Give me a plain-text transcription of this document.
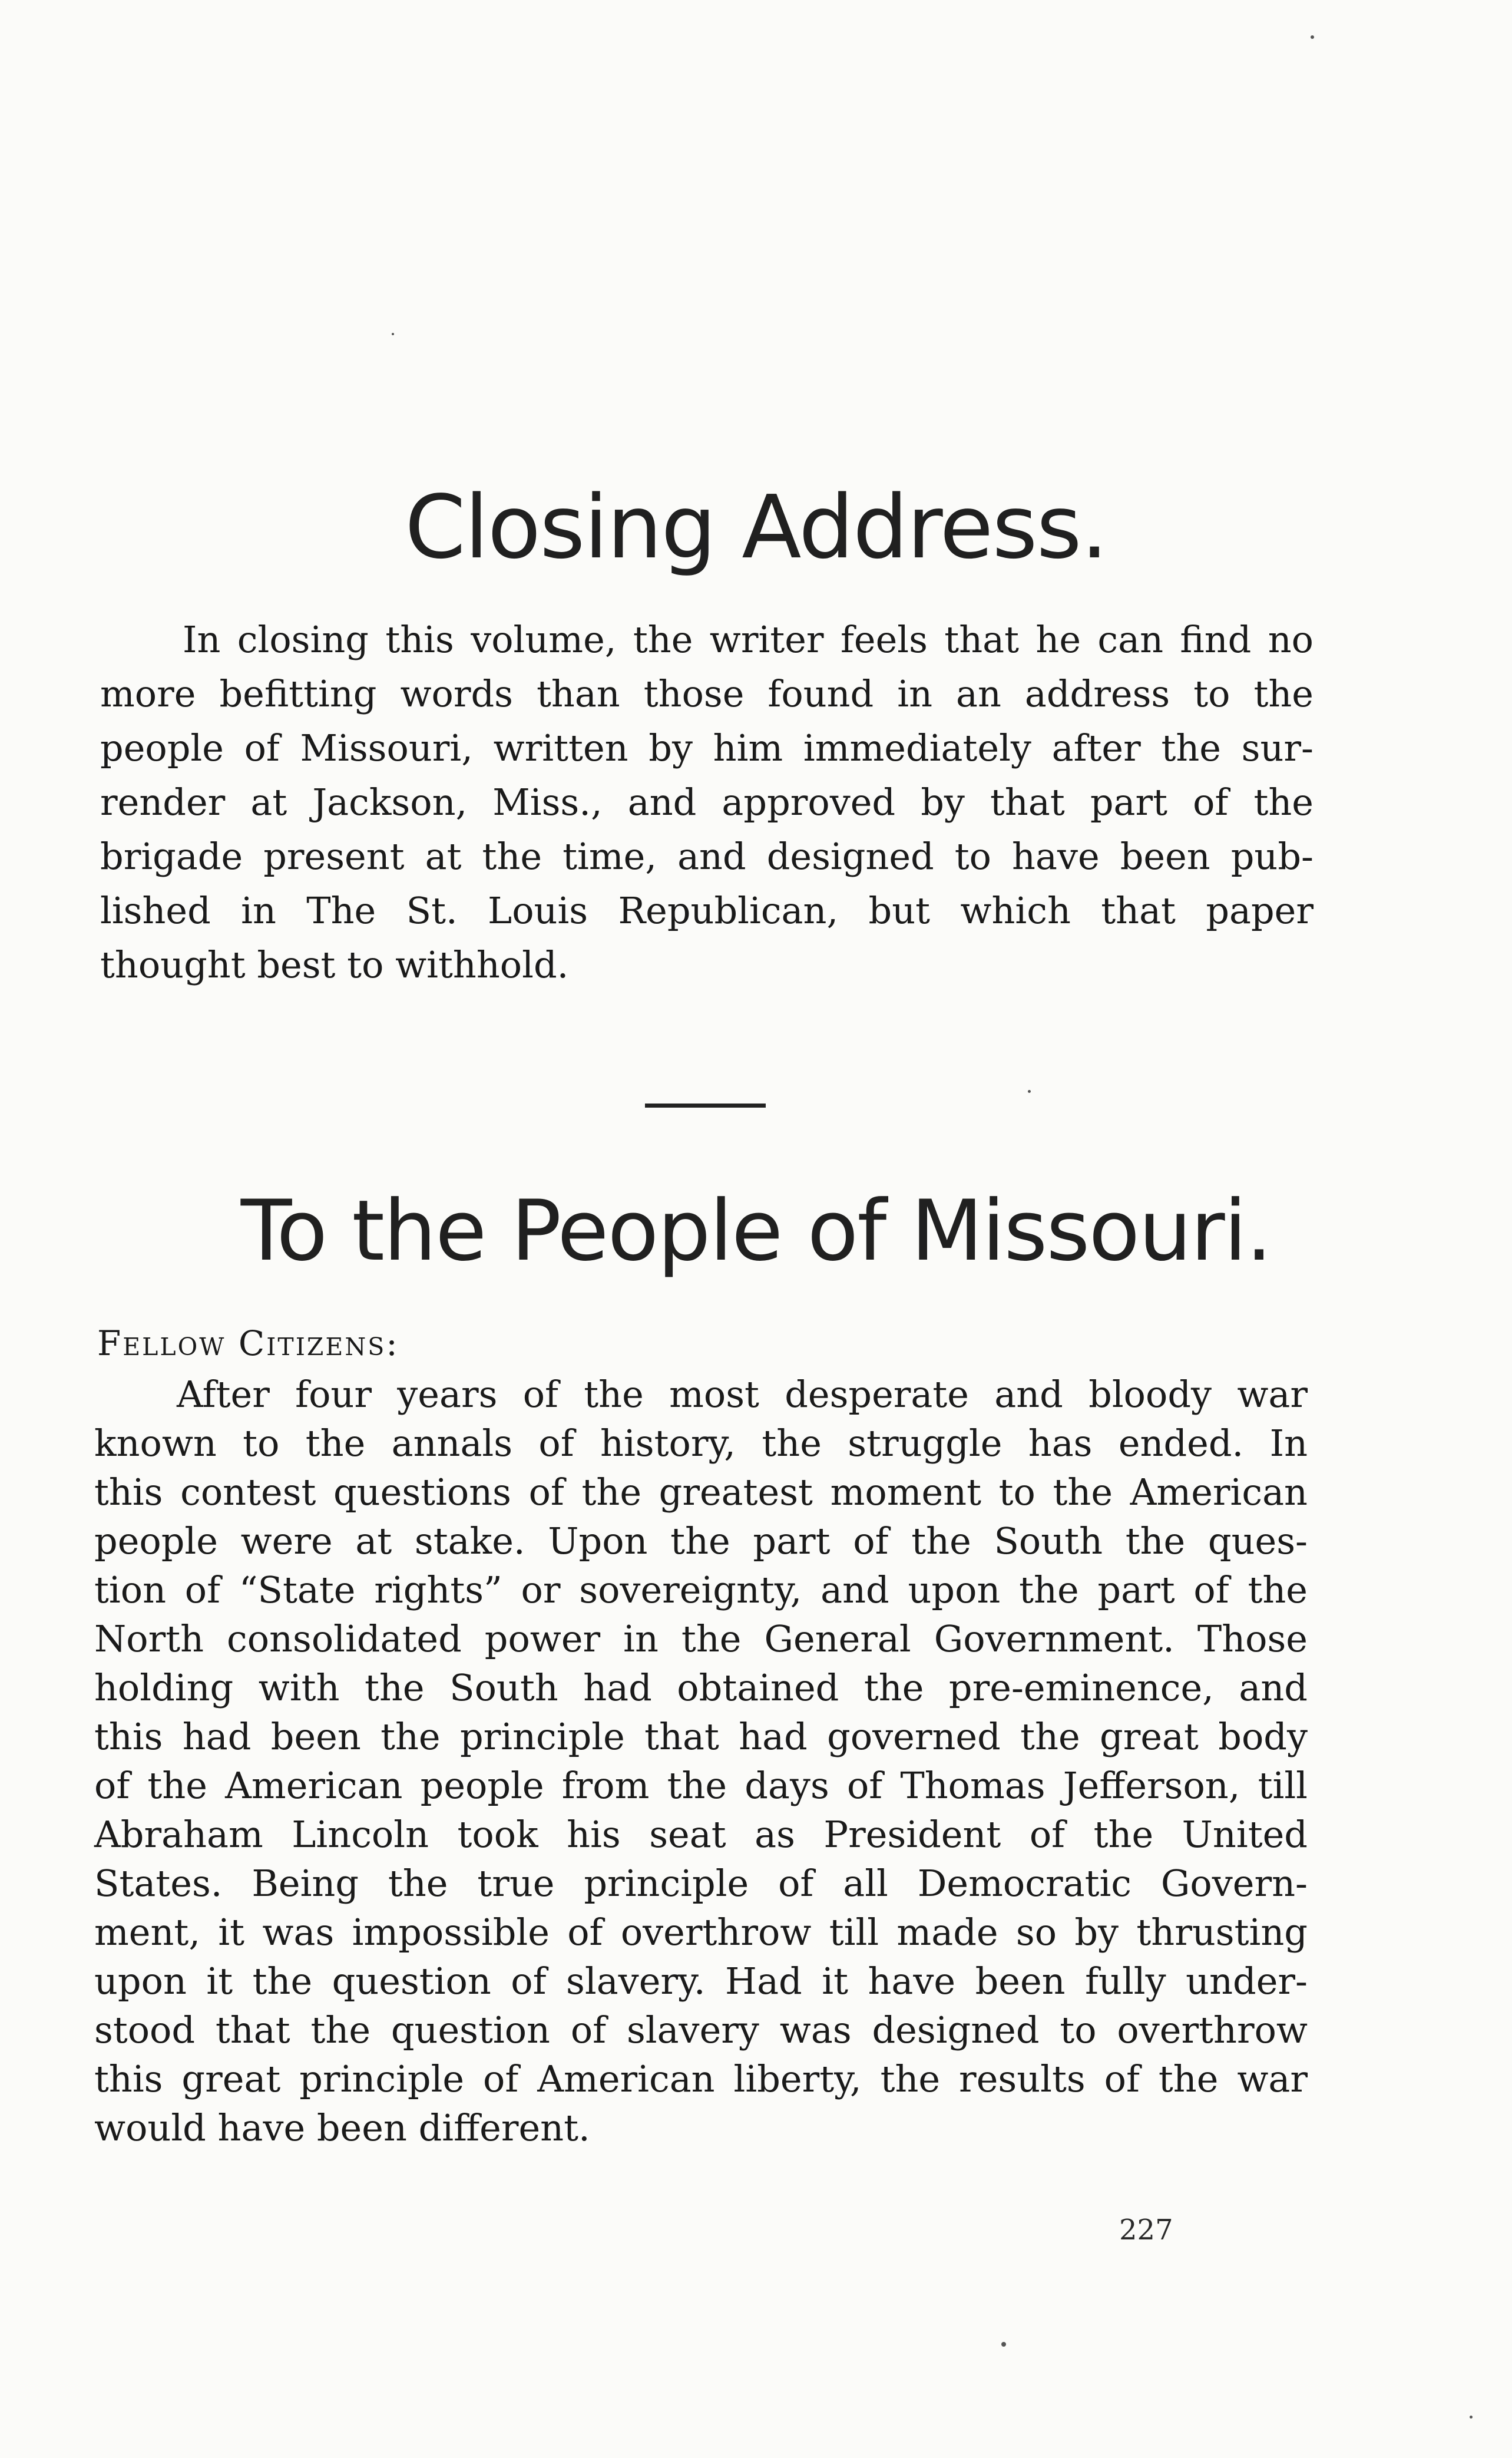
Closing Address.
In closing this volume, the writer feels that he can find no
more befitting words than those found in an address to the
people of Missouri, written by him immediately after the sur-
render at Jackson, Miss., and approved by that part of the
brigade present at the time, and designed to have been pub-
lished in The St. Louis Republican, but which that paper
thought best to withhold.
To the People of Missouri.

Fellow Citizens:

After four years of the most desperate and bloody war
known to the annals of history, the struggle has ended. In
this contest questions of the greatest moment to the American
people were at stake. Upon the part of the South the ques-
tion of “State rights” or sovereignty, and upon the part of the
North consolidated power in the General Government. Those
holding with the South had obtained the pre-eminence, and
this had been the principle that had governed the great body
of the American people from the days of Thomas Jefferson, till
Abraham Lincoln took his seat as President of the United
States. Being the true principle of all Democratic Govern-
ment, it was impossible of overthrow till made so by thrusting
upon it the question of slavery. Had it have been fully under-
stood that the question of slavery was designed to overthrow
this great principle of American liberty, the results of the war
would have been different.
227
